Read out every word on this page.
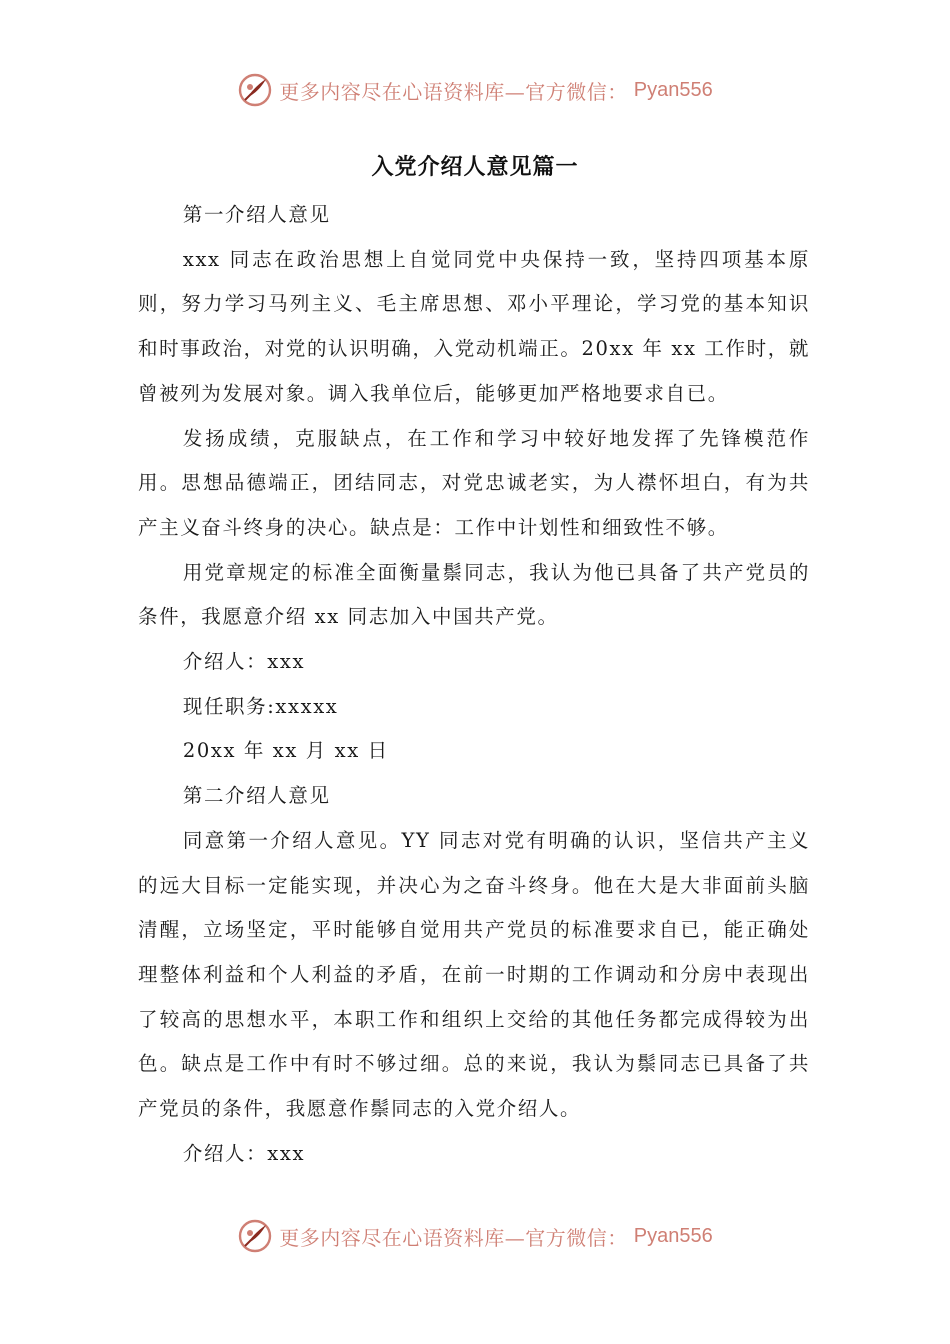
更多内容尽在心语资料库—官方微信： Pyan556
入党介绍人意见篇一

第一介绍人意见

xxx 同志在政治思想上自觉同党中央保持一致，坚持四项基本原则，努力学习马列主义、毛主席思想、邓小平理论，学习党的基本知识和时事政治，对党的认识明确，入党动机端正。20xx 年 xx 工作时，就曾被列为发展对象。调入我单位后，能够更加严格地要求自已。

发扬成绩，克服缺点，在工作和学习中较好地发挥了先锋模范作用。思想品德端正，团结同志，对党忠诚老实，为人襟怀坦白，有为共产主义奋斗终身的决心。缺点是：工作中计划性和细致性不够。

用党章规定的标准全面衡量鬃同志，我认为他已具备了共产党员的条件，我愿意介绍 xx 同志加入中国共产党。

介绍人：xxx

现任职务:xxxxx

20xx 年 xx 月 xx 日

第二介绍人意见

同意第一介绍人意见。YY 同志对党有明确的认识，坚信共产主义的远大目标一定能实现，并决心为之奋斗终身。他在大是大非面前头脑清醒，立场坚定，平时能够自觉用共产党员的标准要求自已，能正确处理整体利益和个人利益的矛盾，在前一时期的工作调动和分房中表现出了较高的思想水平，本职工作和组织上交给的其他任务都完成得较为出色。缺点是工作中有时不够过细。总的来说，我认为鬃同志已具备了共产党员的条件，我愿意作鬃同志的入党介绍人。

介绍人：xxx

更多内容尽在心语资料库—官方微信： Pyan556
